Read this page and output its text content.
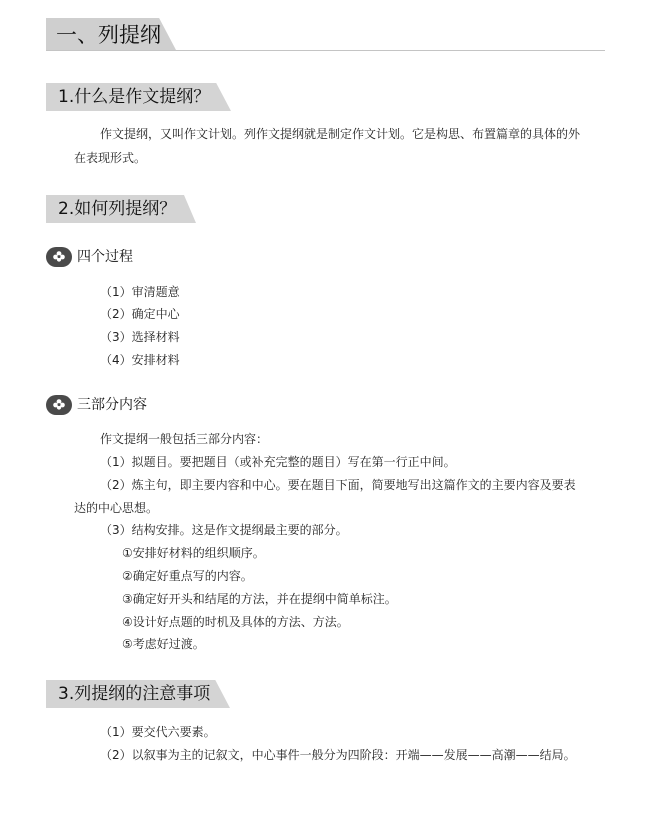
一、列提纲
1.什么是作文提纲？
作文提纲，又叫作文计划。列作文提纲就是制定作文计划。它是构思、布置篇章的具体的外
在表现形式。
2.如何列提纲？
四个过程
（1）审清题意
（2）确定中心
（3）选择材料
（4）安排材料
三部分内容
作文提纲一般包括三部分内容：
（1）拟题目。要把题目（或补充完整的题目）写在第一行正中间。
（2）炼主句，即主要内容和中心。要在题目下面，简要地写出这篇作文的主要内容及要表
达的中心思想。
（3）结构安排。这是作文提纲最主要的部分。
①安排好材料的组织顺序。
②确定好重点写的内容。
③确定好开头和结尾的方法，并在提纲中简单标注。
④设计好点题的时机及具体的方法、方法。
⑤考虑好过渡。
3.列提纲的注意事项
（1）要交代六要素。
（2）以叙事为主的记叙文，中心事件一般分为四阶段：开端——发展——高潮——结局。
